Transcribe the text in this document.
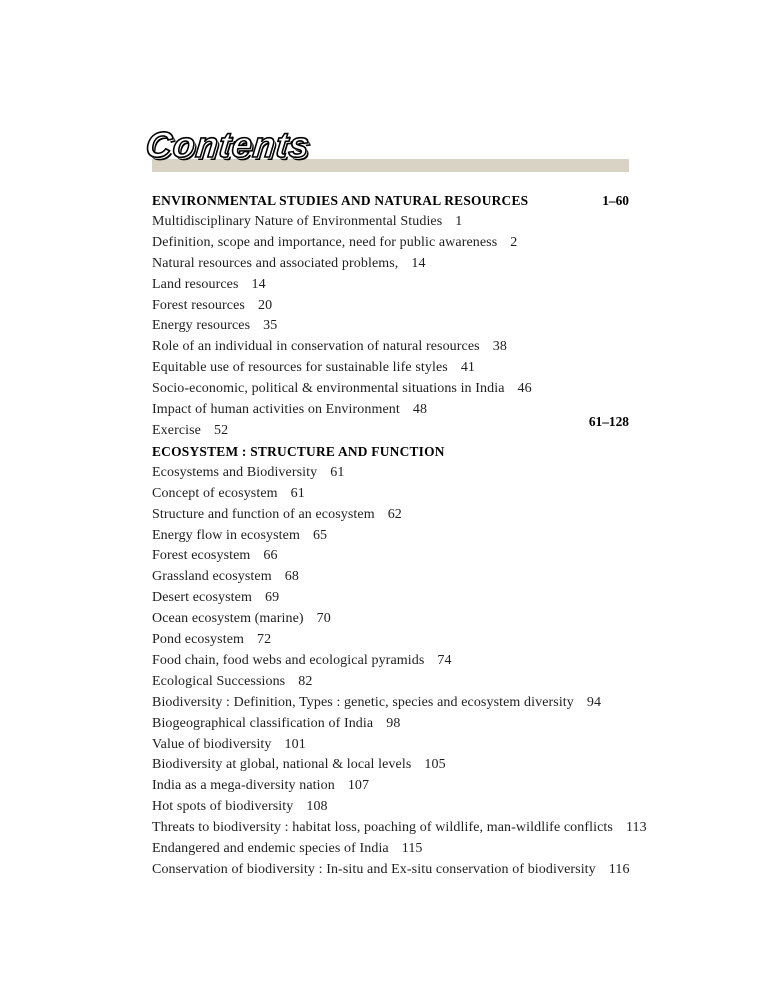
Contents
ENVIRONMENTAL STUDIES AND NATURAL RESOURCES	1–60
Multidisciplinary Nature of Environmental Studies 1
Definition, scope and importance, need for public awareness 2
Natural resources and associated problems, 14
Land resources 14
Forest resources 20
Energy resources 35
Role of an individual in conservation of natural resources 38
Equitable use of resources for sustainable life styles 41
Socio-economic, political & environmental situations in India 46
Impact of human activities on Environment 48
Exercise 52
ECOSYSTEM : STRUCTURE AND FUNCTION
61–128
Ecosystems and Biodiversity 61
Concept of ecosystem 61
Structure and function of an ecosystem 62
Energy flow in ecosystem 65
Forest ecosystem 66
Grassland ecosystem 68
Desert ecosystem 69
Ocean ecosystem (marine) 70
Pond ecosystem 72
Food chain, food webs and ecological pyramids 74
Ecological Successions 82
Biodiversity : Definition, Types : genetic, species and ecosystem diversity 94
Biogeographical classification of India 98
Value of biodiversity 101
Biodiversity at global, national & local levels 105
India as a mega-diversity nation 107
Hot spots of biodiversity 108
Threats to biodiversity : habitat loss, poaching of wildlife, man-wildlife conflicts 113
Endangered and endemic species of India 115
Conservation of biodiversity : In-situ and Ex-situ conservation of biodiversity 116
